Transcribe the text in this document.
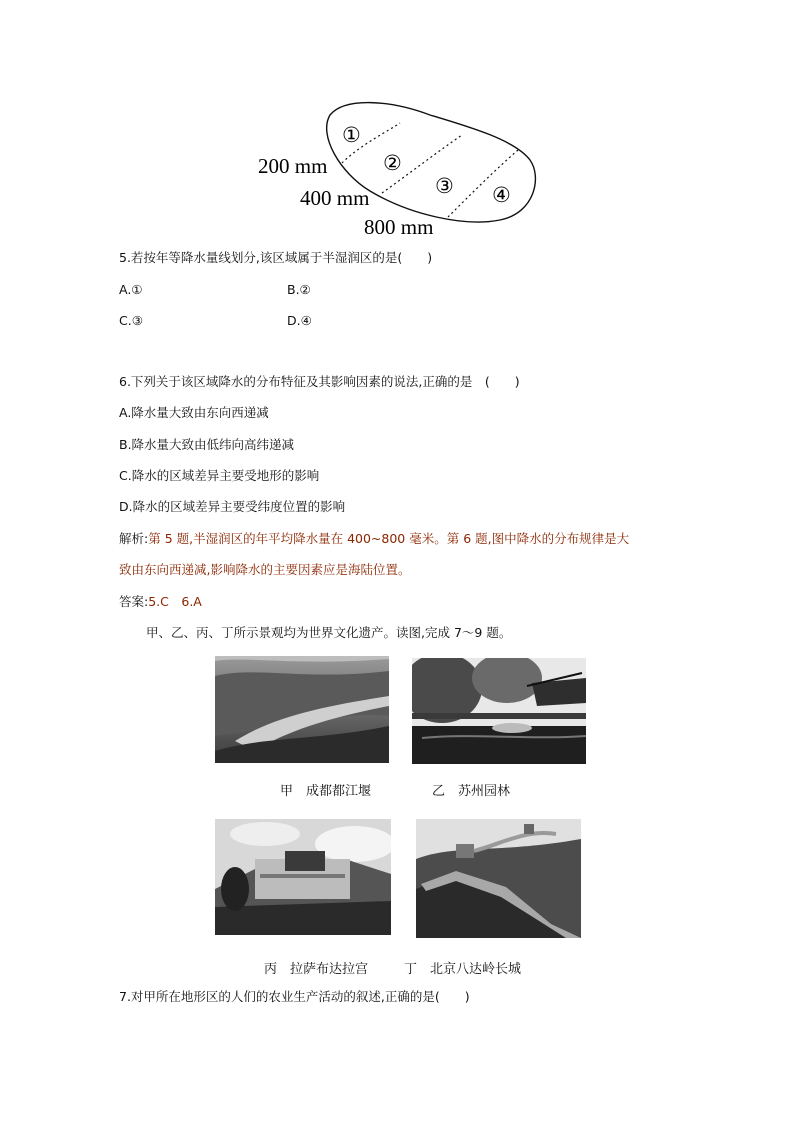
①
②
③ ④
200 mm
400 mm
800 mm
5.若按年等降水量线划分,该区域属于半湿润区的是(　　)
A.①	B.②
C.③	D.④
6.下列关于该区域降水的分布特征及其影响因素的说法,正确的是　(　　)
A.降水量大致由东向西递减
B.降水量大致由低纬向高纬递减
C.降水的区域差异主要受地形的影响
D.降水的区域差异主要受纬度位置的影响
解析:第 5 题,半湿润区的年平均降水量在 400~800 毫米。第 6 题,图中降水的分布规律是大
致由东向西递减,影响降水的主要因素应是海陆位置。
答案:5.C　6.A
甲、乙、丙、丁所示景观均为世界文化遗产。读图,完成 7～9 题。
甲　成都都江堰	乙　苏州园林
丙　拉萨布达拉宫	丁　北京八达岭长城
7.对甲所在地形区的人们的农业生产活动的叙述,正确的是(　　)
